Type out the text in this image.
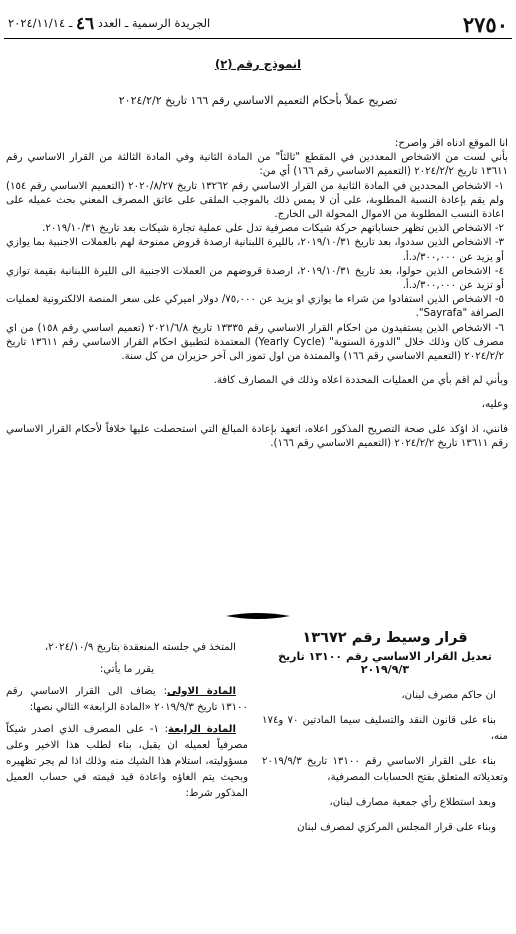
٢٧٥٠
الجريدة الرسمية ـ العدد ٤٦ ـ ٢٠٢٤/١١/١٤
انموذج رقم (٢)
تصريح عملاً بأحكام التعميم الاساسي رقم ١٦٦ تاريخ ٢٠٢٤/٢/٢

انا الموقع ادناه اقر واصرح:

بأني لست من الاشخاص المعددين في المقطع "ثالثاً" من المادة الثانية وفي المادة الثالثة من القرار الاساسي رقم ١٣٦١١ تاريخ ٢٠٢٤/٢/٢ (التعميم الاساسي رقم ١٦٦) أي من:

١- الاشخاص المحددين في المادة الثانية من القرار الاساسي رقم ١٣٢٦٢ تاريخ ٢٠٢٠/٨/٢٧ (التعميم الاساسي رقم ١٥٤) ولم يقم بإعادة النسبة المطلوبة، على أن لا يمس ذلك بالموجب الملقى على عاتق المصرف المعني بحث عميله على اعادة النسب المطلوبة من الاموال المحولة الى الخارج.

٢- الاشخاص الذين تظهر حساباتهم حركة شيكات مصرفية تدل على عملية تجارة شيكات بعد تاريخ ٢٠١٩/١٠/٣١.

٣- الاشخاص الذين سددوا، بعد تاريخ ٢٠١٩/١٠/٣١، بالليرة اللبنانية ارصدة قروض ممنوحة لهم بالعملات الاجنبية بما يوازي أو يزيد عن ٣٠٠,٠٠٠/د.أ.

٤- الاشخاص الذين حولوا، بعد تاريخ ٢٠١٩/١٠/٣١، ارصدة قروضهم من العملات الاجنبية الى الليرة اللبنانية بقيمة توازي أو تزيد عن ٣٠٠,٠٠٠/د.أ.

٥- الاشخاص الذين استفادوا من شراء ما يوازي او يزيد عن ٧٥,٠٠٠/ دولار اميركي على سعر المنصة الالكترونية لعمليات الصرافة "Sayrafa".

٦- الاشخاص الذين يستفيدون من احكام القرار الاساسي رقم ١٣٣٣٥ تاريخ ٢٠٢١/٦/٨ (تعميم اساسي رقم ١٥٨) من اي مصرف كان وذلك خلال "الدورة السنوية" (Yearly Cycle) المعتمدة لتطبيق احكام القرار الاساسي رقم ١٣٦١١ تاريخ ٢٠٢٤/٢/٢ (التعميم الاساسي رقم ١٦٦) والممتدة من اول تموز الى آخر حزيران من كل سنة.

وبأني لم اقم بأي من العمليات المحددة اعلاه وذلك في المصارف كافة.

وعليه،

فانني، اذ اؤكد على صحة التصريح المذكور اعلاه، اتعهد بإعادة المبالغ التي استحصلت عليها خلافاً لأحكام القرار الاساسي رقم ١٣٦١١ تاريخ ٢٠٢٤/٢/٢ (التعميم الاساسي رقم ١٦٦).

قرار وسيط رقم ١٣٦٧٢
تعديل القرار الاساسي رقم ١٣١٠٠ تاريخ ٢٠١٩/٩/٣

ان حاكم مصرف لبنان،

بناء على قانون النقد والتسليف سيما المادتين ٧٠ و١٧٤ منه،

بناء على القرار الاساسي رقم ١٣١٠٠ تاريخ ٢٠١٩/٩/٣ وتعديلاته المتعلق بفتح الحسابات المصرفية،

وبعد استطلاع رأي جمعية مصارف لبنان،

وبناء على قرار المجلس المركزي لمصرف لبنان

المتخذ في جلسته المنعقدة بتاريخ ٢٠٢٤/١٠/٩،

يقرر ما يأتي:

المادة الاولى: يضاف الى القرار الاساسي رقم ١٣١٠٠ تاريخ ٢٠١٩/٩/٣ «المادة الرابعة» التالي نصها:

المادة الرابعة: ١- على المصرف الذي اصدر شيكاً مصرفياً لعميله ان يقبل، بناء لطلب هذا الاخير وعلى مسؤوليته، استلام هذا الشيك منه وذلك اذا لم يجر تظهيره وبحيث يتم الغاؤه واعادة قيد قيمته في حساب العميل المذكور شرط:
